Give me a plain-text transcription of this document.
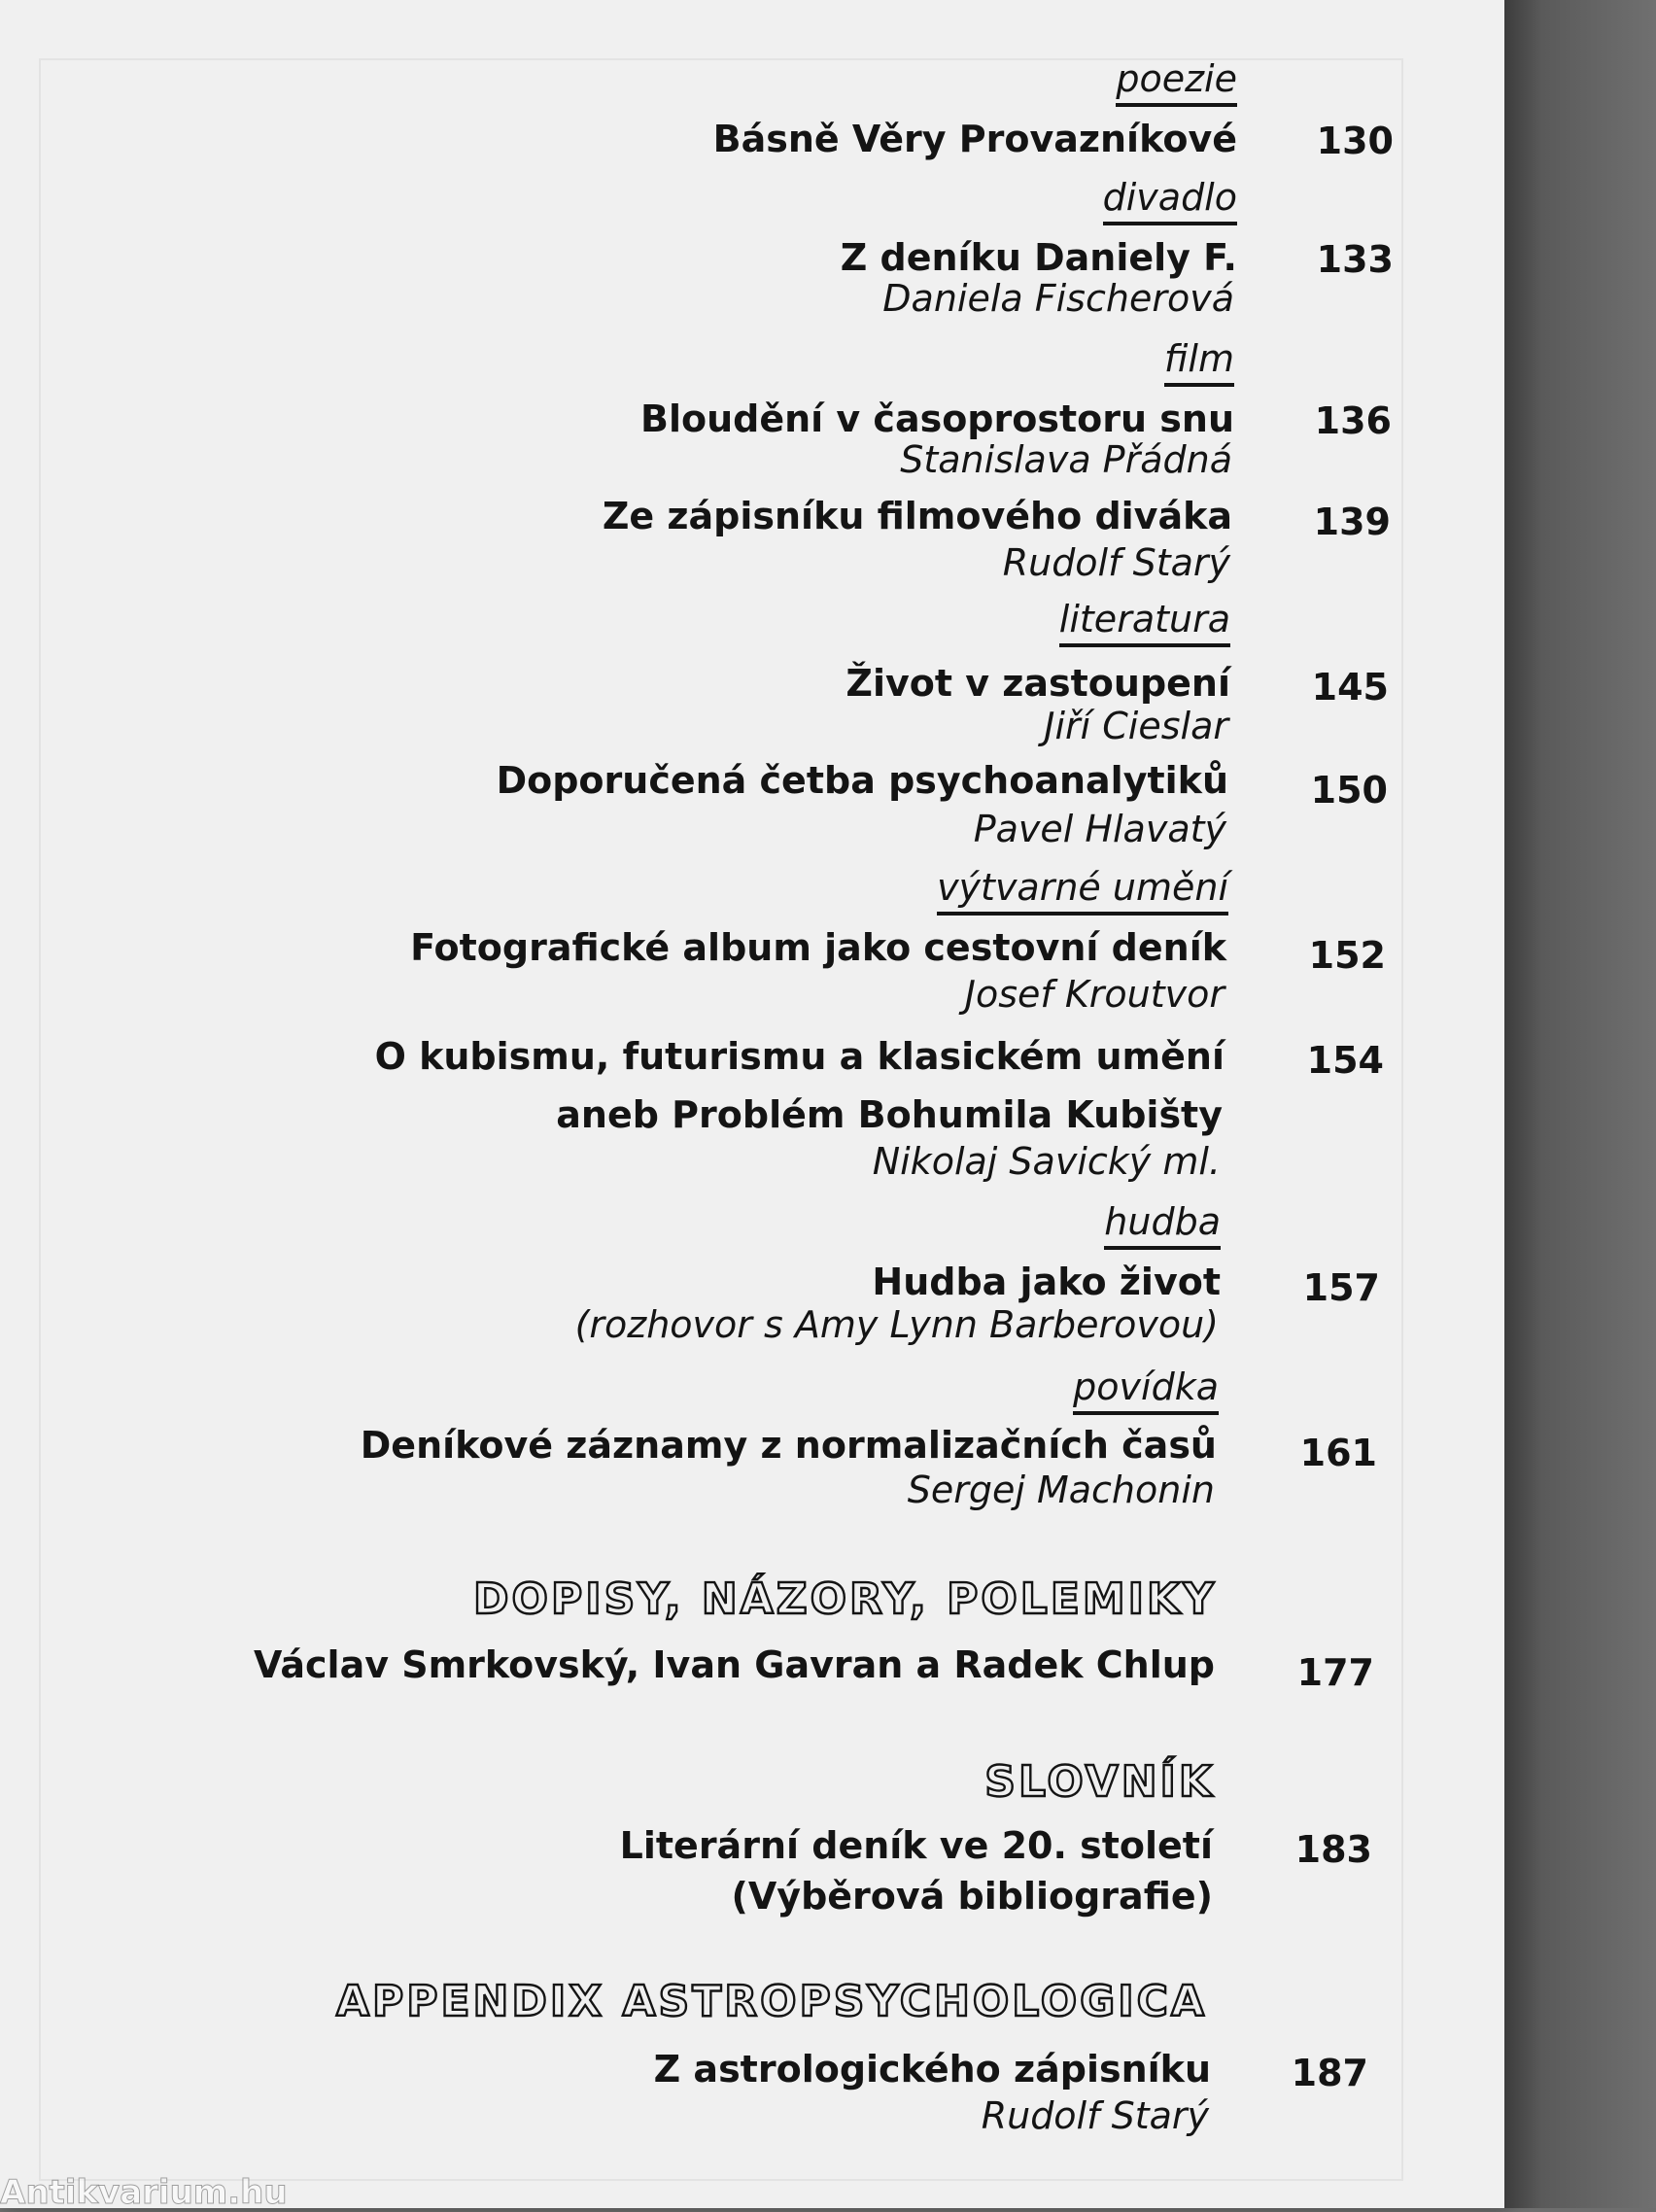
poezie
Básně Věry Provazníkové 130
divadlo
Z deníku Daniely F. 133
Daniela Fischerová
film
Bloudění v časoprostoru snu 136
Stanislava Přádná
Ze zápisníku filmového diváka 139
Rudolf Starý
literatura
Život v zastoupení 145
Jiří Cieslar
Doporučená četba psychoanalytiků 150
Pavel Hlavatý
výtvarné umění
Fotografické album jako cestovní deník 152
Josef Kroutvor
O kubismu, futurismu a klasickém umění 154
aneb Problém Bohumila Kubišty
Nikolaj Savický ml.
hudba
Hudba jako život 157
(rozhovor s Amy Lynn Barberovou)
povídka
Deníkové záznamy z normalizačních časů 161
Sergej Machonin
DOPISY, NÁZORY, POLEMIKY
Václav Smrkovský, Ivan Gavran a Radek Chlup 177
SLOVNÍK
Literární deník ve 20. století 183
(Výběrová bibliografie)
APPENDIX ASTROPSYCHOLOGICA
Z astrologického zápisníku 187
Rudolf Starý
Antikvarium.hu
